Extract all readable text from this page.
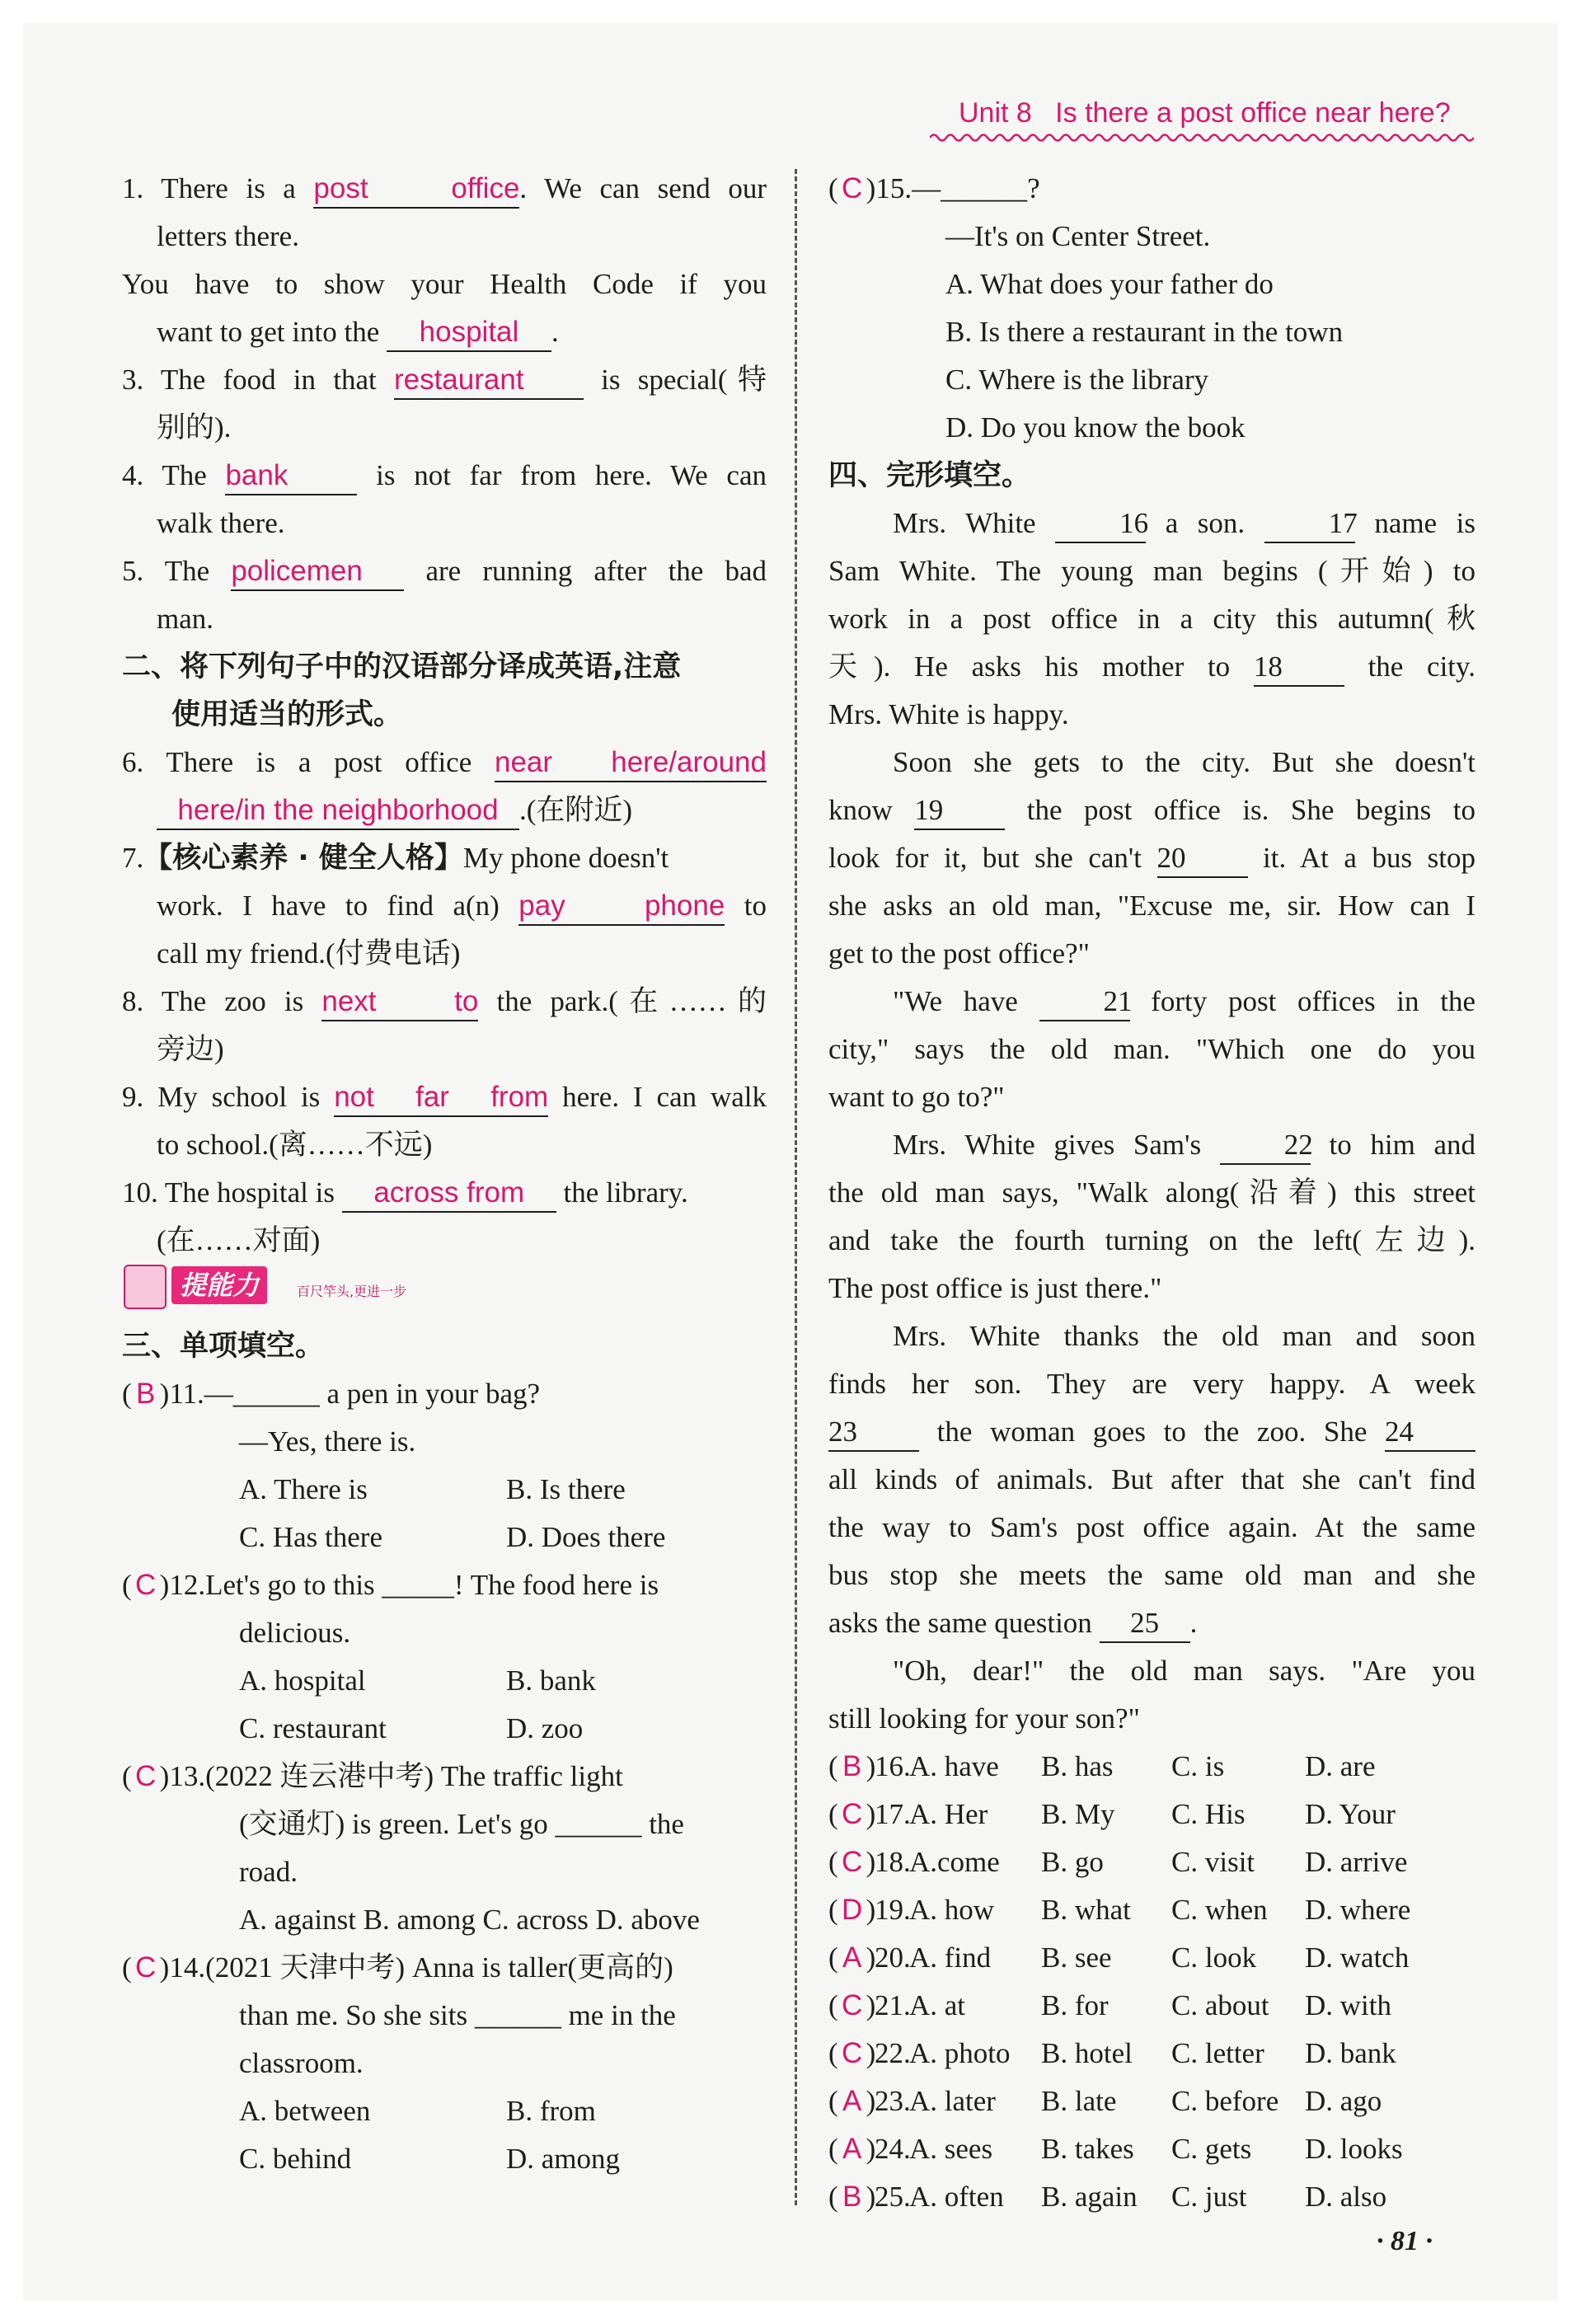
Unit 8 Is there a post office near here?
1. There is a post office. We can send our
letters there.
You have to show your Health Code if you
want to get into the hospital .
3. The food in that restaurant	is special(特
别的).
4. The bank	is not far from here. We can
walk there.
5. The policemen are running after the bad
man.
二、将下列句子中的汉语部分译成英语,注意
使用适当的形式。
6. There is a post office near here/around
here/in the neighborhood .(在附近)
7.【核心素养 · 健全人格】My phone doesn't
work. I have to find a(n) pay phone to
call my friend.(付费电话)
8. The zoo is next to the park.(在……的
旁边)
9. My school is not far from here. I can walk
to school.(离……不远)
10. The hospital is across from the library.
(在……对面)
三、单项填空。
( B )11.—______ a pen in your bag?
—Yes, there is.
A. There is	B. Is there
C. Has there	D. Does there
( C )12.Let's go to this _____! The food here is
delicious.
A. hospital	B. bank
C. restaurant	D. zoo
( C )13.(2022 连云港中考) The traffic light
(交通灯) is green. Let's go ______ the
road.
A. against B. among C. across D. above
( C )14.(2021 天津中考) Anna is taller(更高的)
than me. So she sits ______ me in the
classroom.
A. between	B. from
C. behind	D. among
提能力	百尺竿头,更进一步
( C )15.—______?
—It's on Center Street.
A. What does your father do
B. Is there a restaurant in the town
C. Where is the library
D. Do you know the book
四、完形填空。
Mrs. White	16 a son.	17 name is
Sam White. The young man begins (开始) to
work in a post office in a city this autumn(秋
天). He asks his mother to 18	the city.
Mrs. White is happy.
Soon she gets to the city. But she doesn't
know 19	the post office is. She begins to
look for it, but she can't 20	it. At a bus stop
she asks an old man, "Excuse me, sir. How can I
get to the post office?"
"We have	21 forty post offices in the
city," says the old man. "Which one do you
want to go to?"
Mrs. White gives Sam's	22 to him and
the old man says, "Walk along(沿着) this street
and take the fourth turning on the left(左边).
The post office is just there."
Mrs. White thanks the old man and soon
finds her son. They are very happy. A week
23	the woman goes to the zoo. She 24
all kinds of animals. But after that she can't find
the way to Sam's post office again. At the same
bus stop she meets the same old man and she
asks the same question 25 .
"Oh, dear!" the old man says. "Are you
still looking for your son?"
( B )
16.
A. have	B. has	C. is	D. are
( C )
17.
A. Her	B. My	C. His	D. Your
( C )
18.
A.come	B. go	C. visit	D. arrive
( D )
19.
A. how	B. what	C. when	D. where
( A )
20.
A. find	B. see	C. look	D. watch
( C )
21.
A. at	B. for	C. about	D. with
( C )
22.
A. photo	B. hotel	C. letter	D. bank
( A )
23.
A. later	B. late	C. before D. ago
( A )
24.
A. sees	B. takes	C. gets	D. looks
( B )
25.
A. often	B. again	C. just	D. also
· 81 ·
